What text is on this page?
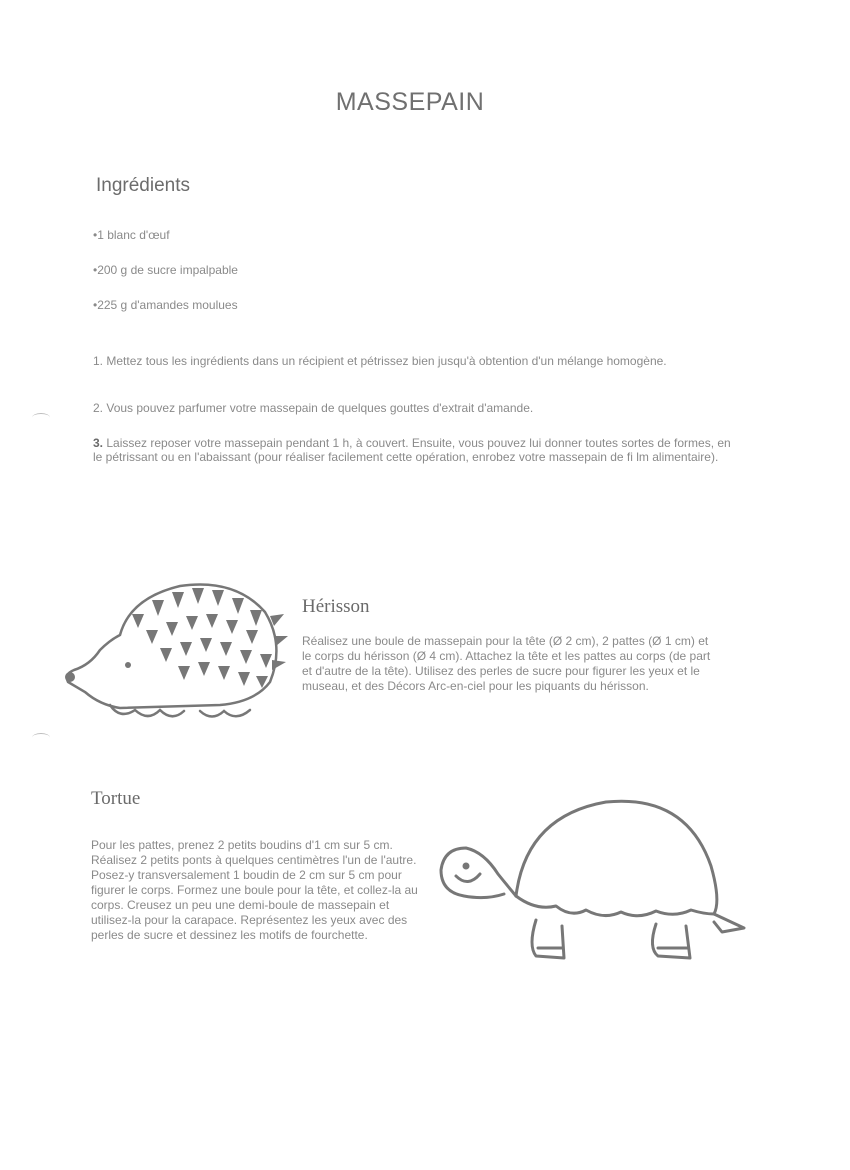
MASSEPAIN
Ingrédients
•1 blanc d'œuf
•200 g de sucre impalpable
•225 g d'amandes moulues
1. Mettez tous les ingrédients dans un récipient et pétrissez bien jusqu'à obtention d'un mélange homogène.
2. Vous pouvez parfumer votre massepain de quelques gouttes d'extrait d'amande.
3. Laissez reposer votre massepain pendant 1 h, à couvert. Ensuite, vous pouvez lui donner toutes sortes de formes, en le pétrissant ou en l'abaissant (pour réaliser facilement cette opération, enrobez votre massepain de fi lm alimentaire).
Hérisson
Réalisez une boule de massepain pour la tête (Ø 2 cm), 2 pattes (Ø 1 cm) et le corps du hérisson (Ø 4 cm). Attachez la tête et les pattes au corps (de part et d'autre de la tête). Utilisez des perles de sucre pour figurer les yeux et le museau, et des Décors Arc-en-ciel pour les piquants du hérisson.
Tortue
Pour les pattes, prenez 2 petits boudins d'1 cm sur 5 cm. Réalisez 2 petits ponts à quelques centimètres l'un de l'autre. Posez-y transversalement 1 boudin de 2 cm sur 5 cm pour figurer le corps. Formez une boule pour la tête, et collez-la au corps. Creusez un peu une demi-boule de massepain et utilisez-la pour la carapace. Représentez les yeux avec des perles de sucre et dessinez les motifs de fourchette.
